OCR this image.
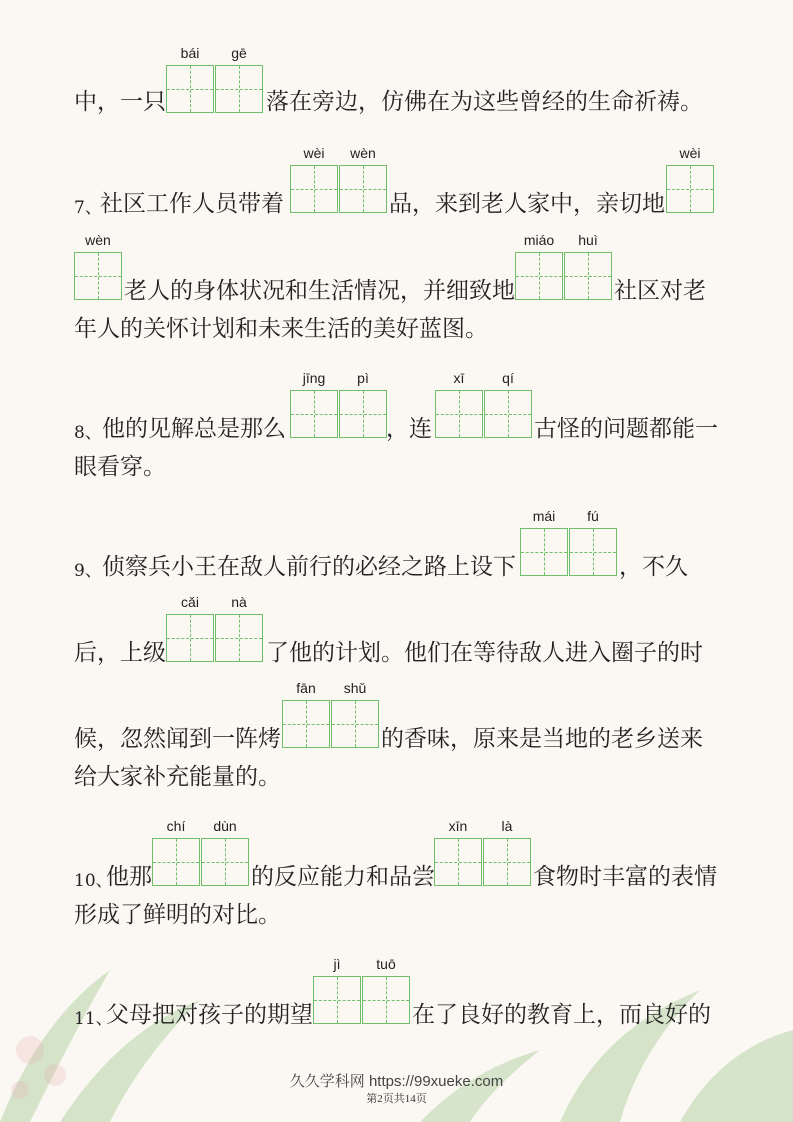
中，一只
bái	gē
落在旁边，仿佛在为这些曾经的生命祈祷。
7、
社区工作人员带着
wèi	wèn
品，来到老人家中，亲切地
wèi
wèn
老人的身体状况和生活情况，并细致地
miáo	huì
社区对老
年人的关怀计划和未来生活的美好蓝图。
8、 他的见解总是那么
jīng	pì
，连
xī	qí
古怪的问题都能一
眼看穿。
9、 侦察兵小王在敌人前行的必经之路上设下
mái	fú
，不久
后，上级
cǎi	nà
了他的计划。他们在等待敌人进入圈子的时
候，忽然闻到一阵烤
fān	shǔ
的香味，原来是当地的老乡送来
给大家补充能量的。
10、
他那
chí	dùn
的反应能力和品尝
xīn	là
食物时丰富的表情
形成了鲜明的对比。
11、
父母把对孩子的期望
jì	tuō
在了良好的教育上，而良好的
久久学科网 https://99xueke.com
第2页共14页
